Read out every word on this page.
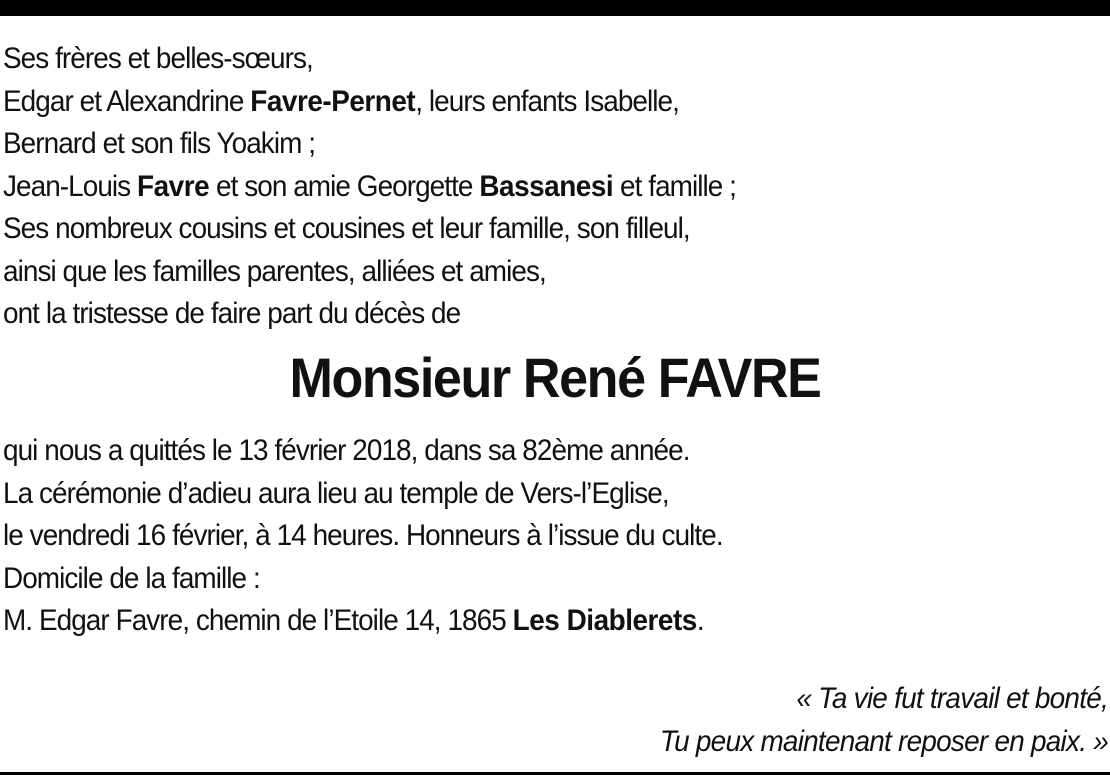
Ses frères et belles-sœurs,
Edgar et Alexandrine Favre-Pernet, leurs enfants Isabelle,
Bernard et son fils Yoakim ;
Jean-Louis Favre et son amie Georgette Bassanesi et famille ;
Ses nombreux cousins et cousines et leur famille, son filleul,
ainsi que les familles parentes, alliées et amies,
ont la tristesse de faire part du décès de
Monsieur René FAVRE
qui nous a quittés le 13 février 2018, dans sa 82ème année.
La cérémonie d’adieu aura lieu au temple de Vers-l’Eglise,
le vendredi 16 février, à 14 heures. Honneurs à l’issue du culte.
Domicile de la famille :
M. Edgar Favre, chemin de l’Etoile 14, 1865 Les Diablerets.
« Ta vie fut travail et bonté,
Tu peux maintenant reposer en paix. »
